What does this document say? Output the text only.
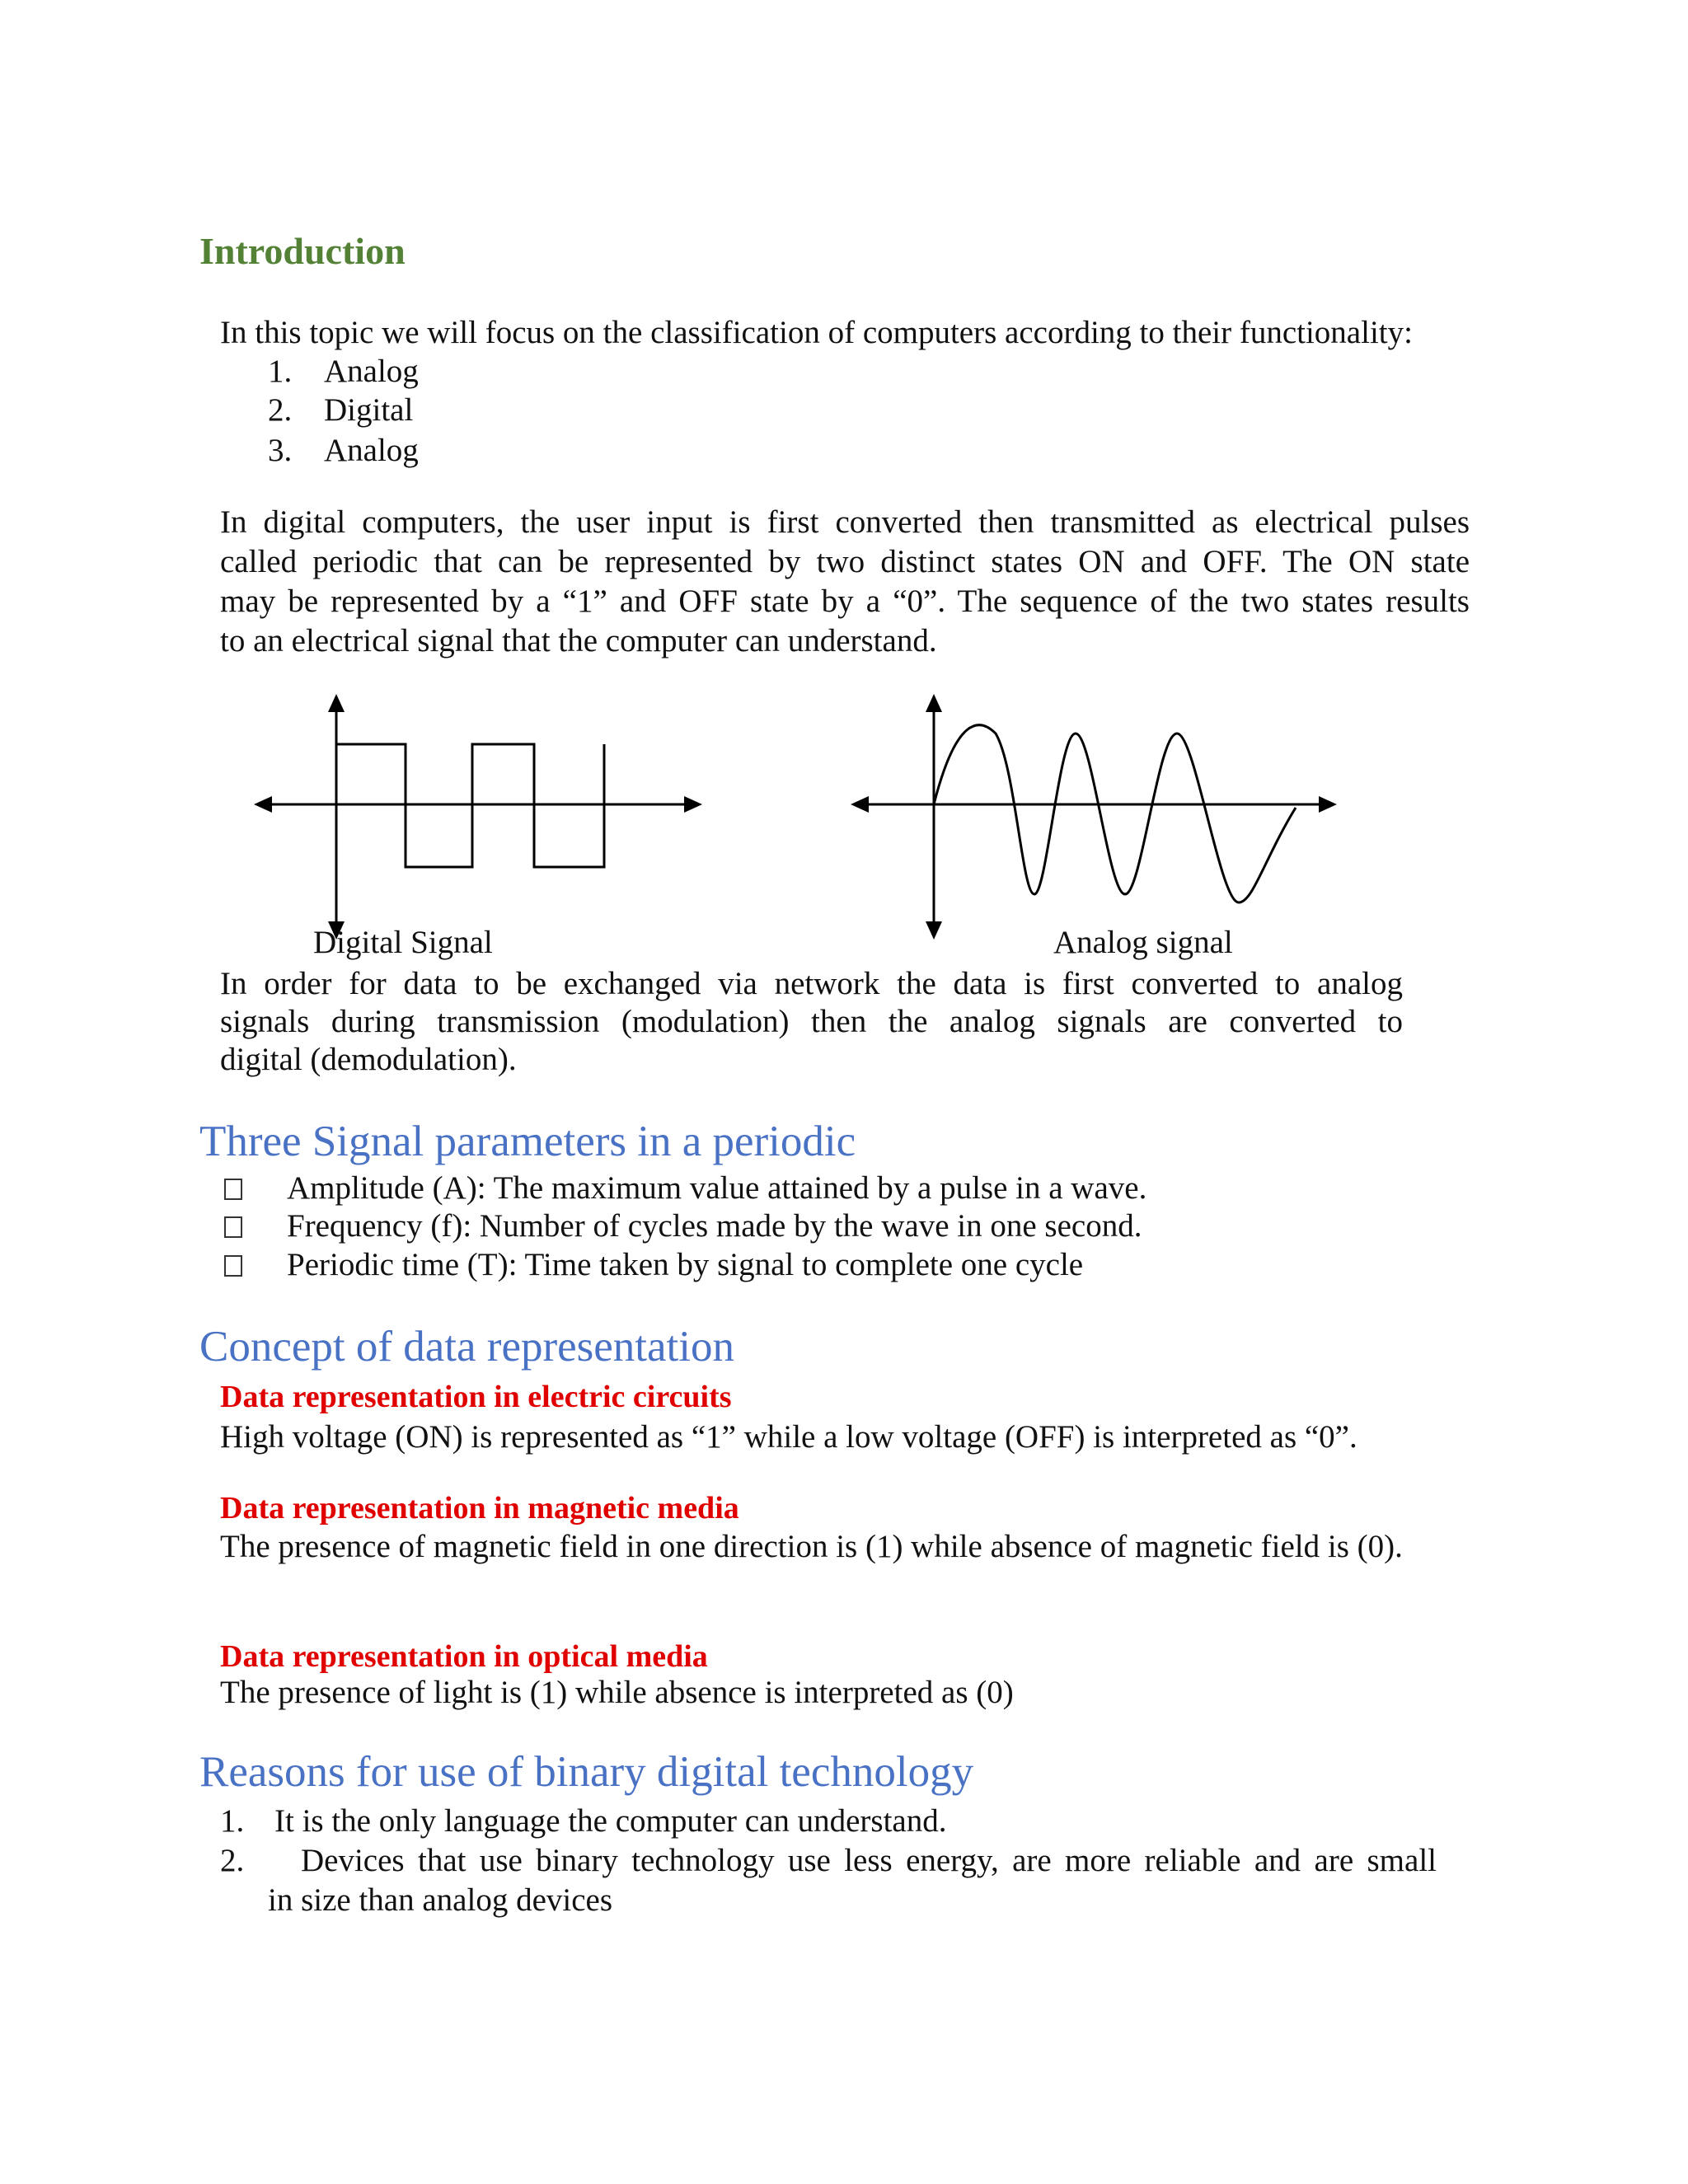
Introduction
In this topic we will focus on the classification of computers according to their functionality:
1. Analog
2. Digital
3. Analog
In digital computers, the user input is first converted then transmitted as electrical pulses
called periodic that can be represented by two distinct states ON and OFF. The ON state
may be represented by a “1” and OFF state by a “0”. The sequence of the two states results
to an electrical signal that the computer can understand.
Digital Signal	Analog signal
In order for data to be exchanged via network the data is first converted to analog
signals during transmission (modulation) then the analog signals are converted to
digital (demodulation).
Three Signal parameters in a periodic
Amplitude (A): The maximum value attained by a pulse in a wave.
Frequency (f): Number of cycles made by the wave in one second.
Periodic time (T): Time taken by signal to complete one cycle
Concept of data representation
Data representation in electric circuits
High voltage (ON) is represented as “1” while a low voltage (OFF) is interpreted as “0”.
Data representation in magnetic media
The presence of magnetic field in one direction is (1) while absence of magnetic field is (0).
Data representation in optical media
The presence of light is (1) while absence is interpreted as (0)
Reasons for use of binary digital technology
1. It is the only language the computer can understand.
2. Devices that use binary technology use less energy, are more reliable and are small
in size than analog devices
